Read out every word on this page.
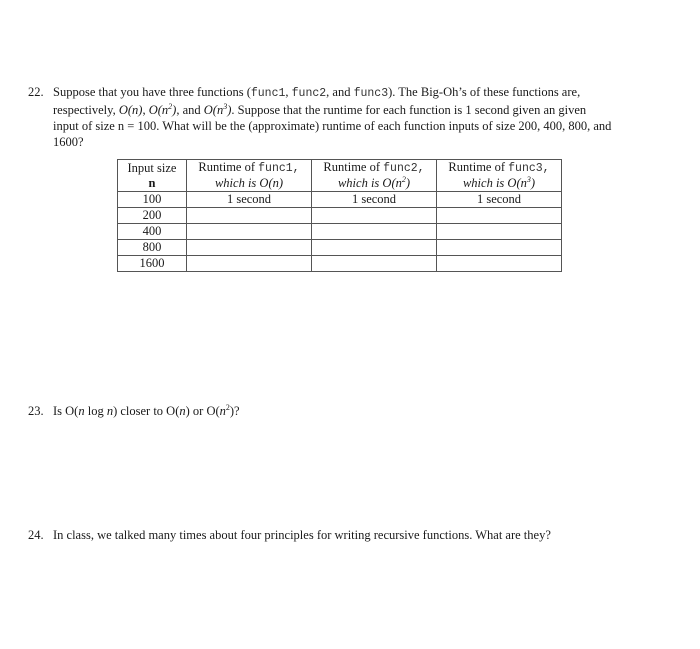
22. Suppose that you have three functions (func1, func2, and func3). The Big-Oh’s of these functions are,
respectively, O(n), $O(n^2)$, and $O(n^3)$. Suppose that the runtime for each function is 1 second given an given
input of size n = 100. What will be the (approximate) runtime of each function inputs of size 200, 400, 800, and
1600?
Input size	Runtime of func1,	Runtime of func2,	Runtime of func3,
n	which is O(n)	which is $O(n^2)$	which is $O(n^3)$
100	1 second	1 second	1 second
200			
400			
800			
1600			
23. Is O(n log n) closer to O(n) or $O(n^2)$?
24. In class, we talked many times about four principles for writing recursive functions. What are they?
